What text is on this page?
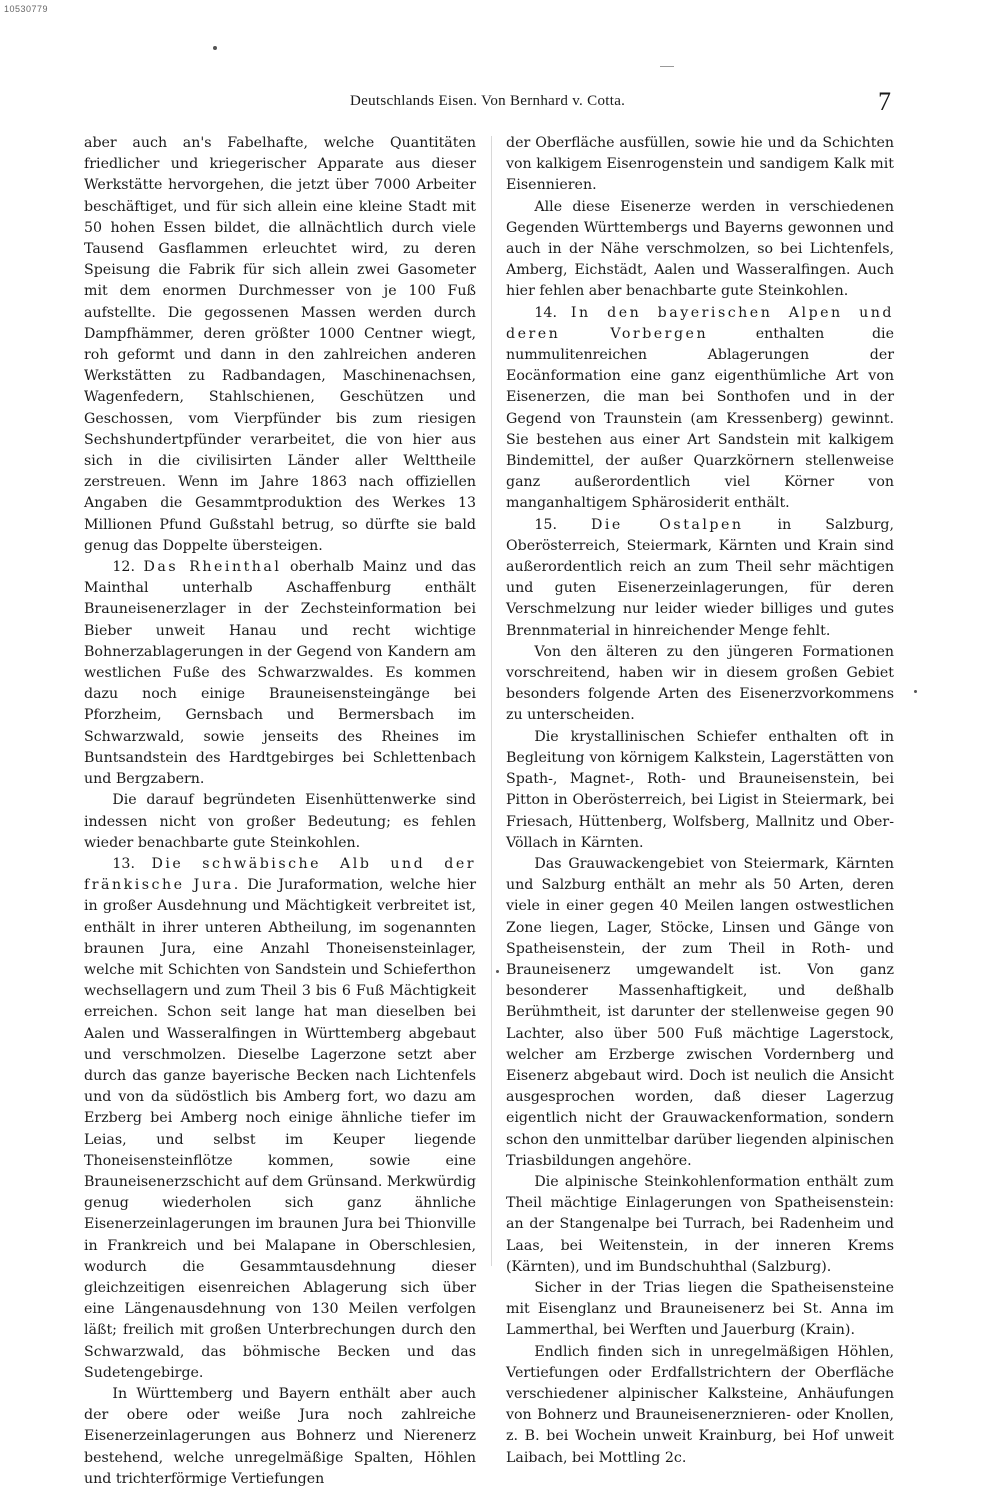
10530779
Deutschlands Eisen. Von Bernhard v. Cotta.	7

aber auch an's Fabelhafte, welche Quantitäten friedlicher und kriegerischer Apparate aus dieser Werkstätte hervorgehen, die jetzt über 7000 Arbeiter beschäftiget, und für sich allein eine kleine Stadt mit 50 hohen Essen bildet, die allnächtlich durch viele Tausend Gasflammen erleuchtet wird, zu deren Speisung die Fabrik für sich allein zwei Gasometer mit dem enormen Durchmesser von je 100 Fuß aufstellte. Die gegossenen Massen werden durch Dampfhämmer, deren größter 1000 Centner wiegt, roh geformt und dann in den zahlreichen anderen Werkstätten zu Radbandagen, Maschinenachsen, Wagenfedern, Stahlschienen, Geschützen und Geschossen, vom Vierpfünder bis zum riesigen Sechshundertpfünder verarbeitet, die von hier aus sich in die civilisirten Länder aller Welttheile zerstreuen. Wenn im Jahre 1863 nach offiziellen Angaben die Gesammtproduktion des Werkes 13 Millionen Pfund Gußstahl betrug, so dürfte sie bald genug das Doppelte übersteigen.

12. Das Rheinthal oberhalb Mainz und das Mainthal unterhalb Aschaffenburg enthält Brauneisenerzlager in der Zechsteinformation bei Bieber unweit Hanau und recht wichtige Bohnerzablagerungen in der Gegend von Kandern am westlichen Fuße des Schwarzwaldes. Es kommen dazu noch einige Brauneisensteingänge bei Pforzheim, Gernsbach und Bermersbach im Schwarzwald, sowie jenseits des Rheines im Buntsandstein des Hardtgebirges bei Schlettenbach und Bergzabern.

Die darauf begründeten Eisenhüttenwerke sind indessen nicht von großer Bedeutung; es fehlen wieder benachbarte gute Steinkohlen.

13. Die schwäbische Alb und der fränkische Jura. Die Juraformation, welche hier in großer Ausdehnung und Mächtigkeit verbreitet ist, enthält in ihrer unteren Abtheilung, im sogenannten braunen Jura, eine Anzahl Thoneisensteinlager, welche mit Schichten von Sandstein und Schieferthon wechsellagern und zum Theil 3 bis 6 Fuß Mächtigkeit erreichen. Schon seit lange hat man dieselben bei Aalen und Wasseralfingen in Württemberg abgebaut und verschmolzen. Dieselbe Lagerzone setzt aber durch das ganze bayerische Becken nach Lichtenfels und von da südöstlich bis Amberg fort, wo dazu am Erzberg bei Amberg noch einige ähnliche tiefer im Leias, und selbst im Keuper liegende Thoneisensteinflötze kommen, sowie eine Brauneisenerzschicht auf dem Grünsand. Merkwürdig genug wiederholen sich ganz ähnliche Eisenerzeinlagerungen im braunen Jura bei Thionville in Frankreich und bei Malapane in Oberschlesien, wodurch die Gesammtausdehnung dieser gleichzeitigen eisenreichen Ablagerung sich über eine Längenausdehnung von 130 Meilen verfolgen läßt; freilich mit großen Unterbrechungen durch den Schwarzwald, das böhmische Becken und das Sudetengebirge.

In Württemberg und Bayern enthält aber auch der obere oder weiße Jura noch zahlreiche Eisenerzeinlagerungen aus Bohnerz und Nierenerz bestehend, welche unregelmäßige Spalten, Höhlen und trichterförmige Vertiefungen

der Oberfläche ausfüllen, sowie hie und da Schichten von kalkigem Eisenrogenstein und sandigem Kalk mit Eisennieren.

Alle diese Eisenerze werden in verschiedenen Gegenden Württembergs und Bayerns gewonnen und auch in der Nähe verschmolzen, so bei Lichtenfels, Amberg, Eichstädt, Aalen und Wasseralfingen. Auch hier fehlen aber benachbarte gute Steinkohlen.

14. In den bayerischen Alpen und deren Vorbergen	enthalten die nummulitenreichen Ablagerungen der Eocänformation eine ganz eigenthümliche Art von Eisenerzen, die man bei Sonthofen und in der Gegend von Traunstein (am Kressenberg) gewinnt. Sie bestehen aus einer Art Sandstein mit kalkigem Bindemittel, der außer Quarzkörnern stellenweise ganz außerordentlich viel Körner von manganhaltigem Sphärosiderit enthält.

15. Die Ostalpen in Salzburg, Oberösterreich, Steiermark, Kärnten und Krain sind außerordentlich reich an zum Theil sehr mächtigen und guten Eisenerzeinlagerungen, für deren Verschmelzung nur leider wieder billiges und gutes Brennmaterial in hinreichender Menge fehlt.

Von den älteren zu den jüngeren Formationen vorschreitend, haben wir in diesem großen Gebiet besonders folgende Arten des Eisenerzvorkommens zu unterscheiden.

Die krystallinischen Schiefer enthalten oft in Begleitung von körnigem Kalkstein, Lagerstätten von Spath-, Magnet-, Roth- und Brauneisenstein, bei Pitton in Oberösterreich, bei Ligist in Steiermark, bei Friesach, Hüttenberg, Wolfsberg, Mallnitz und Ober-Völlach in Kärnten.

Das Grauwackengebiet von Steiermark, Kärnten und Salzburg enthält an mehr als 50 Arten, deren viele in einer gegen 40 Meilen langen ostwestlichen Zone liegen, Lager, Stöcke, Linsen und Gänge von Spatheisenstein, der zum Theil in Roth- und Brauneisenerz umgewandelt ist. Von ganz besonderer Massenhaftigkeit, und deßhalb Berühmtheit, ist darunter der stellenweise gegen 90 Lachter, also über 500 Fuß mächtige Lagerstock, welcher am Erzberge zwischen Vordernberg und Eisenerz abgebaut wird. Doch ist neulich die Ansicht ausgesprochen worden, daß dieser Lagerzug eigentlich nicht der Grauwackenformation, sondern schon den unmittelbar darüber liegenden alpinischen Triasbildungen angehöre.

Die alpinische Steinkohlenformation enthält zum Theil mächtige Einlagerungen von Spatheisenstein: an der Stangenalpe bei Turrach, bei Radenheim und Laas, bei Weitenstein, in der inneren Krems (Kärnten), und im Bundschuhthal (Salzburg).

Sicher in der Trias liegen die Spatheisensteine mit Eisenglanz und Brauneisenerz bei St. Anna im Lammerthal, bei Werften und Jauerburg (Krain).

Endlich finden sich in unregelmäßigen Höhlen, Vertiefungen oder Erdfallstrichtern der Oberfläche verschiedener alpinischer Kalksteine, Anhäufungen von Bohnerz und Brauneisenerznieren- oder Knollen, z. B. bei Wochein unweit Krainburg, bei Hof unweit Laibach, bei Mottling 2c.
